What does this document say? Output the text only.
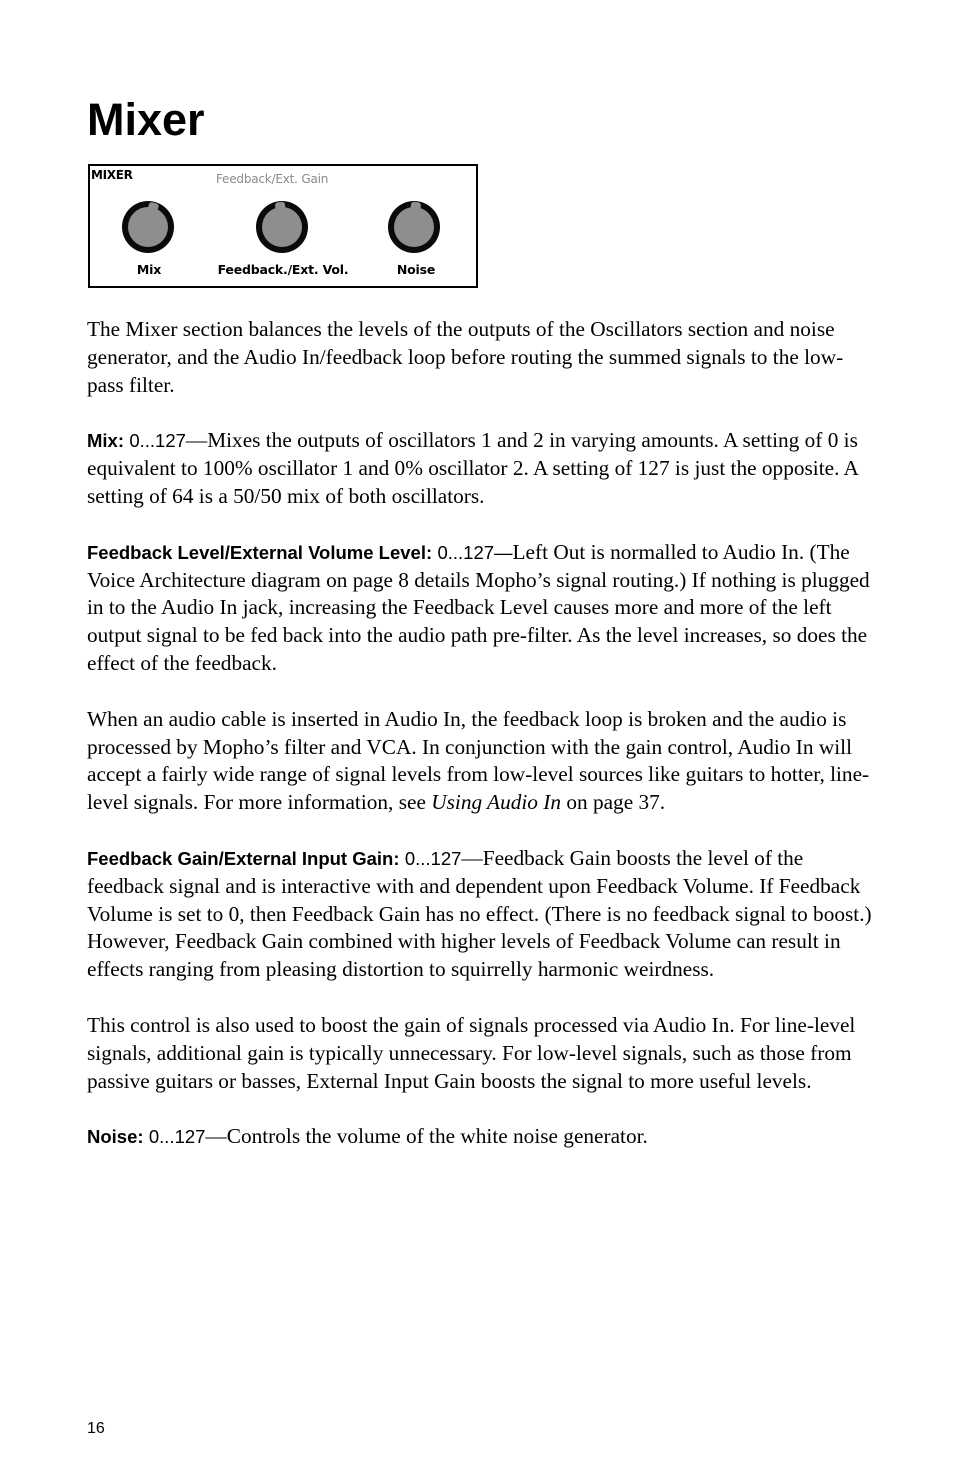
Mixer
MIXER	Feedback/Ext. Gain
Mix	Feedback./Ext. Vol.	Noise

The Mixer section balances the levels of the outputs of the Oscillators section and noise generator, and the Audio In/feedback loop before routing the summed signals to the low-pass filter.

Mix: 0...127—Mixes the outputs of oscillators 1 and 2 in varying amounts. A setting of 0 is equivalent to 100% oscillator 1 and 0% oscillator 2. A setting of 127 is just the opposite. A setting of 64 is a 50/50 mix of both oscillators.

Feedback Level/External Volume Level: 0...127—Left Out is normalled to Audio In. (The Voice Architecture diagram on page 8 details Mopho’s signal routing.) If nothing is plugged in to the Audio In jack, increasing the Feedback Level causes more and more of the left output signal to be fed back into the audio path pre-filter. As the level increases, so does the effect of the feedback.

When an audio cable is inserted in Audio In, the feedback loop is broken and the audio is processed by Mopho’s filter and VCA. In conjunction with the gain control, Audio In will accept a fairly wide range of signal levels from low-level sources like guitars to hotter, line-level signals. For more information, see Using Audio In on page 37.

Feedback Gain/External Input Gain: 0...127—Feedback Gain boosts the level of the feedback signal and is interactive with and dependent upon Feedback Volume. If Feedback Volume is set to 0, then Feedback Gain has no effect. (There is no feedback signal to boost.) However, Feedback Gain combined with higher levels of Feedback Volume can result in effects ranging from pleasing distortion to squirrelly harmonic weirdness.

This control is also used to boost the gain of signals processed via Audio In. For line-level signals, additional gain is typically unnecessary. For low-level signals, such as those from passive guitars or basses, External Input Gain boosts the signal to more useful levels.

Noise: 0...127—Controls the volume of the white noise generator.

16
